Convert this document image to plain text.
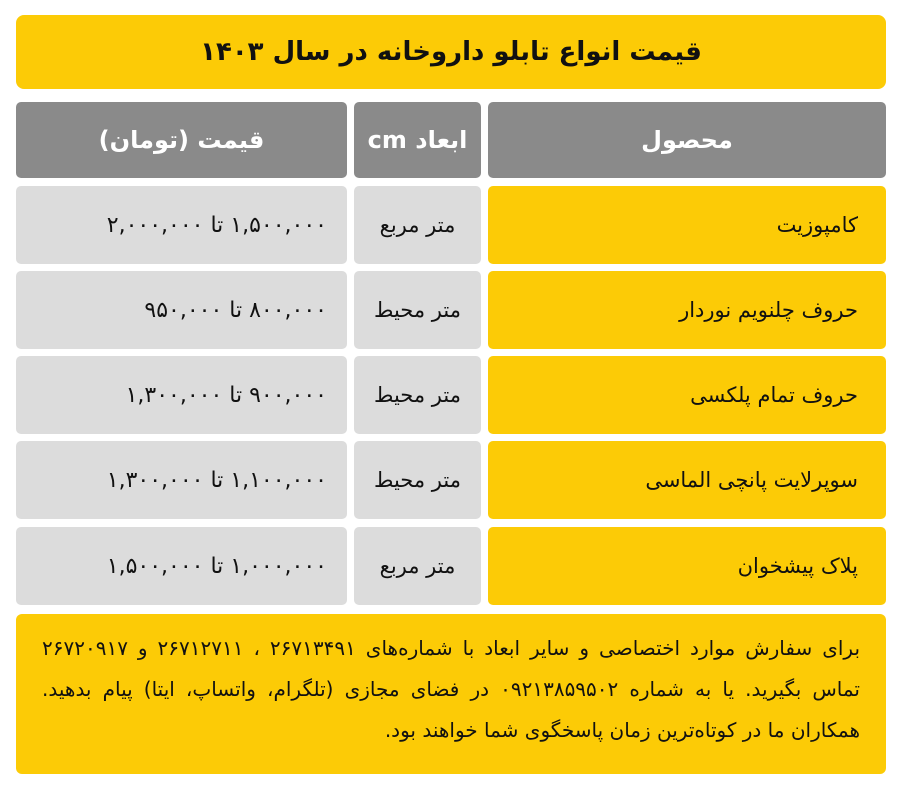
قیمت انواع تابلو داروخانه در سال ۱۴۰۳
محصول
ابعاد cm
قیمت (تومان)
کامپوزیت
متر مربع
۱,۵۰۰,۰۰۰ تا ۲,۰۰۰,۰۰۰
حروف چلنویم نوردار
متر محیط
۸۰۰,۰۰۰ تا ۹۵۰,۰۰۰
حروف تمام پلکسی
متر محیط
۹۰۰,۰۰۰ تا ۱,۳۰۰,۰۰۰
سوپرلایت پانچی الماسی
متر محیط
۱,۱۰۰,۰۰۰ تا ۱,۳۰۰,۰۰۰
پلاک پیشخوان
متر مربع
۱,۰۰۰,۰۰۰ تا ۱,۵۰۰,۰۰۰
برای سفارش موارد اختصاصی و سایر ابعاد با شماره‌های ۲۶۷۱۳۴۹۱ ، ۲۶۷۱۲۷۱۱ و ۲۶۷۲۰۹۱۷ تماس بگیرید. یا به شماره ۰۹۲۱۳۸۵۹۵۰۲ در فضای مجازی (تلگرام، واتساپ، ایتا) پیام بدهید. همکاران ما در کوتاه‌ترین زمان پاسخگوی شما خواهند بود.
